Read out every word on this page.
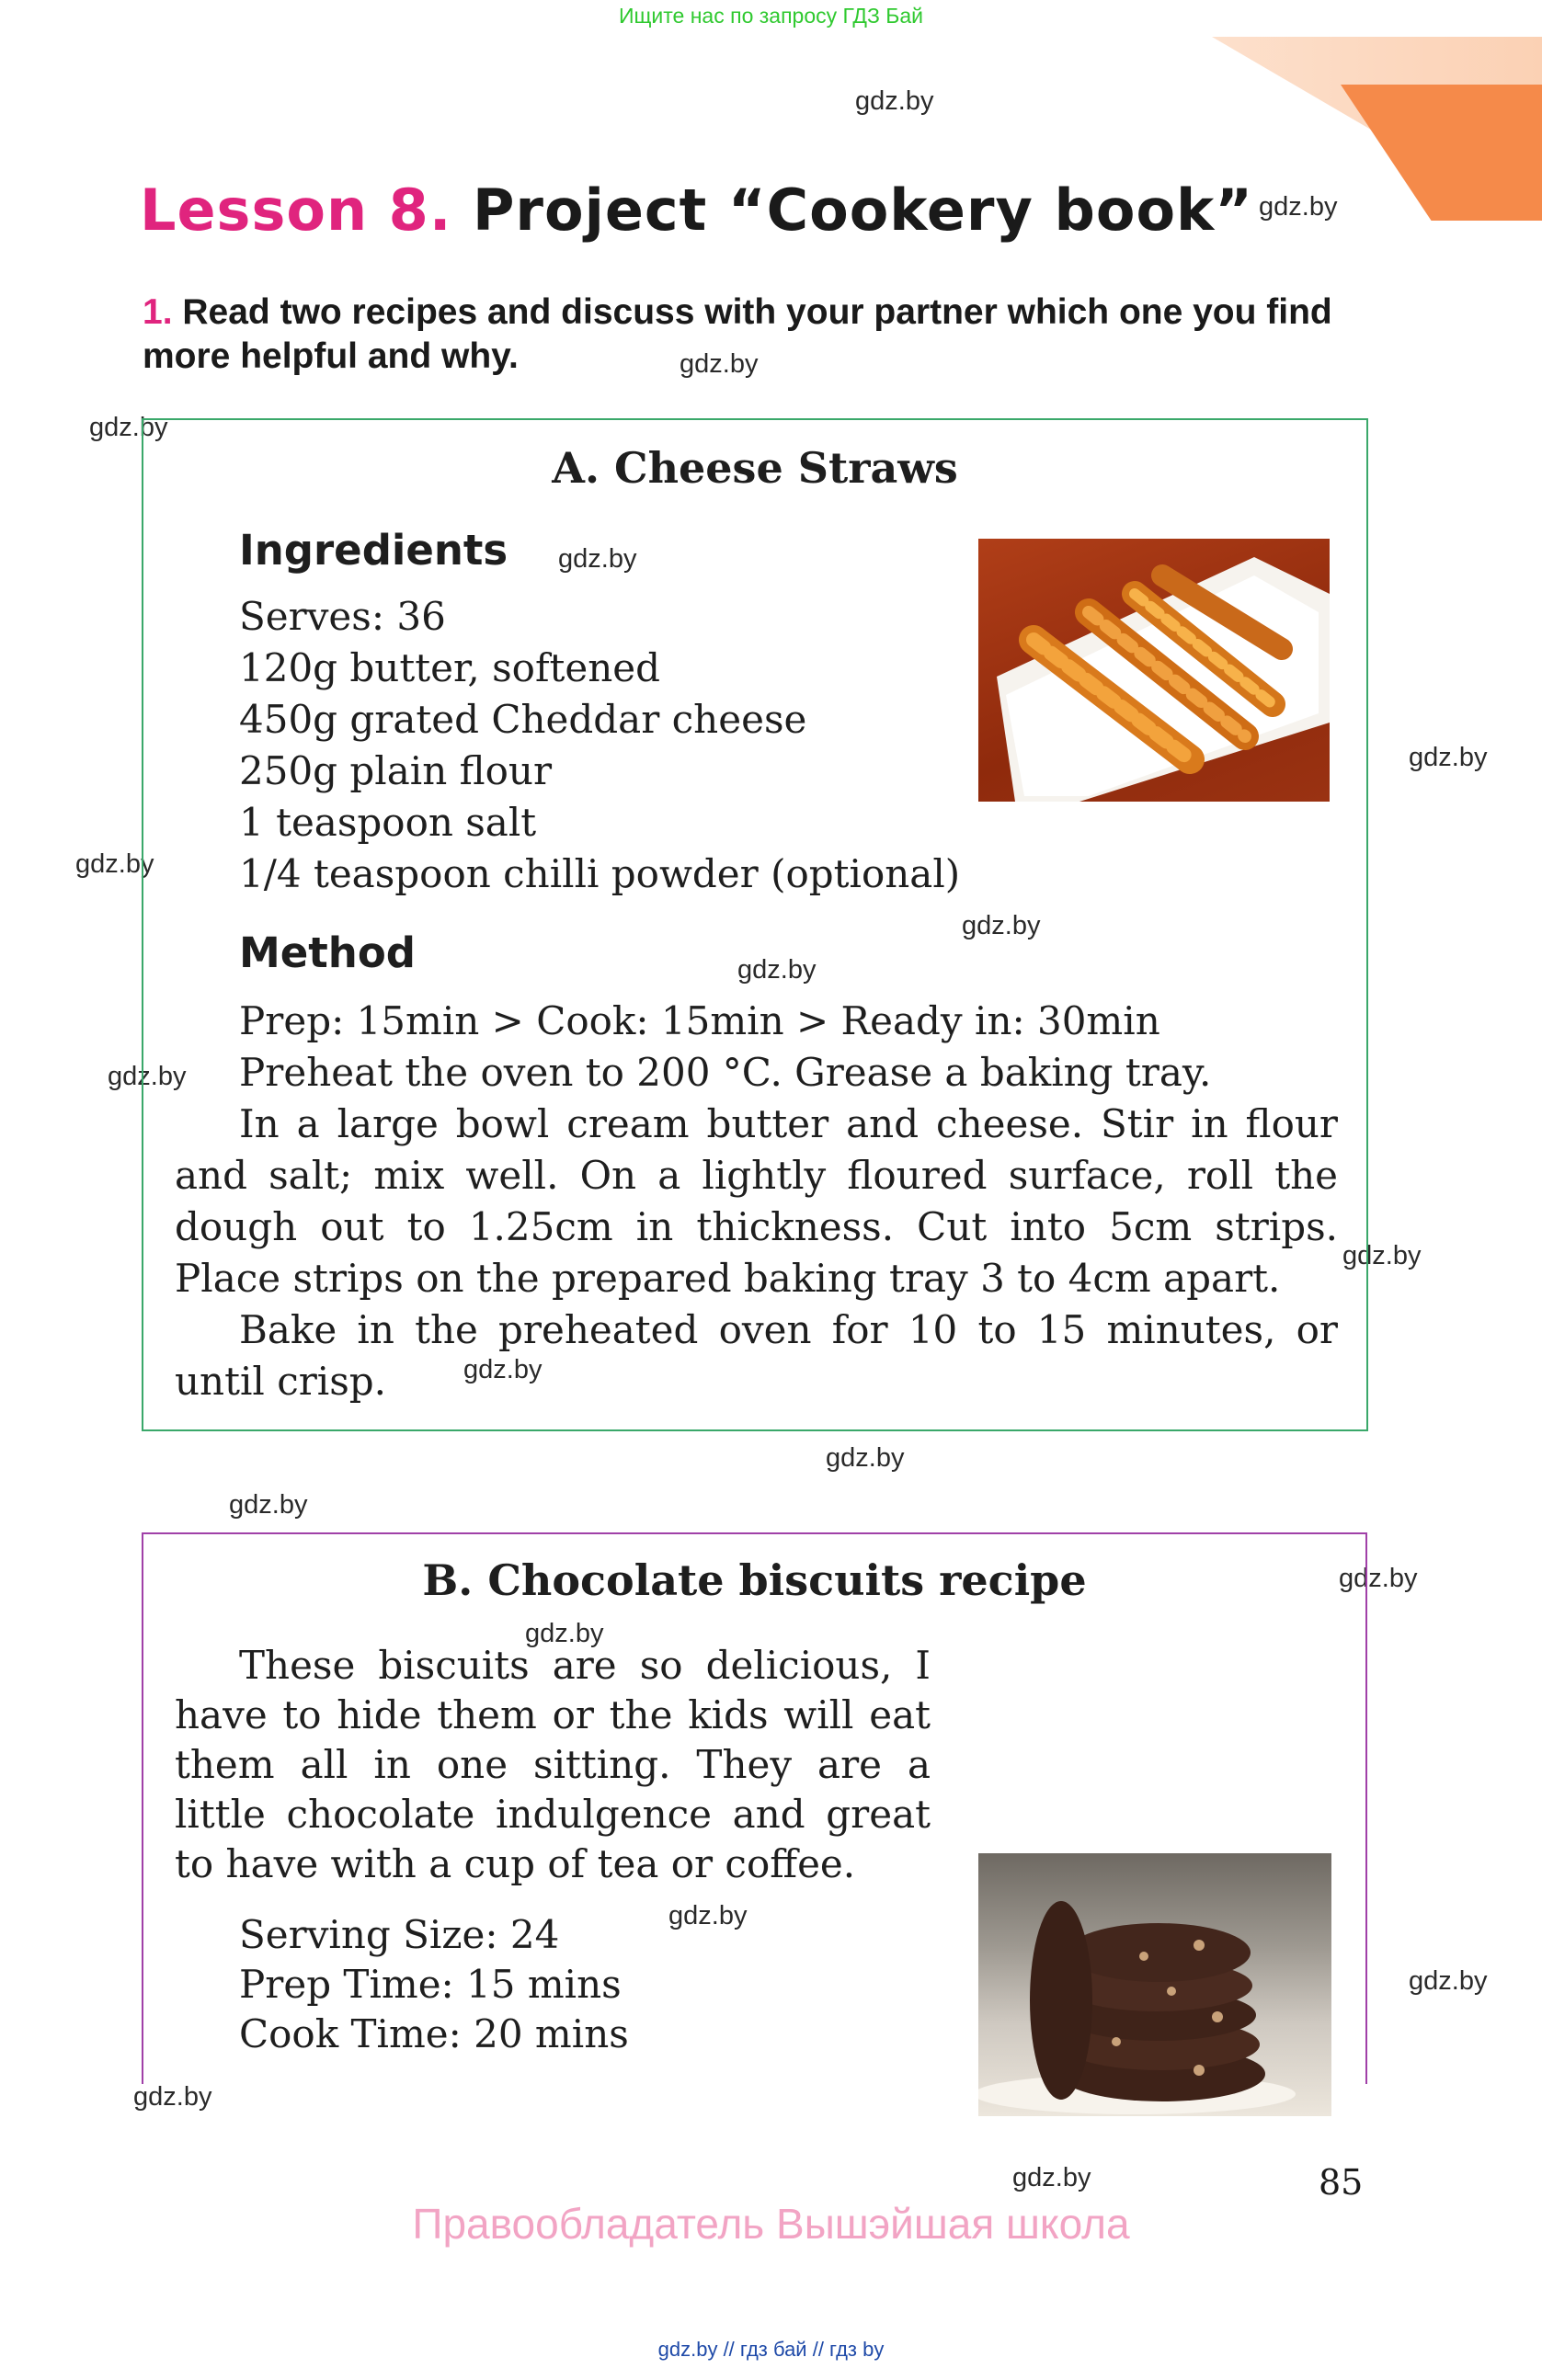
Ищите нас по запросу ГДЗ Бай
gdz.by
gdz.by
gdz.by
gdz.by
gdz.by
gdz.by
gdz.by
gdz.by
gdz.by
gdz.by
gdz.by
gdz.by
gdz.by
gdz.by
gdz.by
gdz.by
gdz.by
gdz.by
gdz.by
gdz.by
Lesson 8. Project “Cookery book”
1. Read two recipes and discuss with your partner which one you find more helpful and why.
A. Cheese Straws
Ingredients
Serves: 36
120g butter, softened
450g grated Cheddar cheese
250g plain flour
1 teaspoon salt
1/4 teaspoon chilli powder (optional)
Method
Prep: 15min > Cook: 15min > Ready in: 30min
Preheat the oven to 200 °C. Grease a baking tray.
In a large bowl cream butter and cheese. Stir in flour and salt; mix well. On a lightly floured surface, roll the dough out to 1.25cm in thickness. Cut into 5cm strips. Place strips on the prepared baking tray 3 to 4cm apart.
Bake in the preheated oven for 10 to 15 minutes, or until crisp.
B. Chocolate biscuits recipe
These biscuits are so delicious, I have to hide them or the kids will eat them all in one sitting. They are a little chocolate indulgence and great to have with a cup of tea or coffee.
Serving Size: 24
Prep Time: 15 mins
Cook Time: 20 mins
85
Правообладатель Вышэйшая школа
gdz.by // гдз бай // гдз by
